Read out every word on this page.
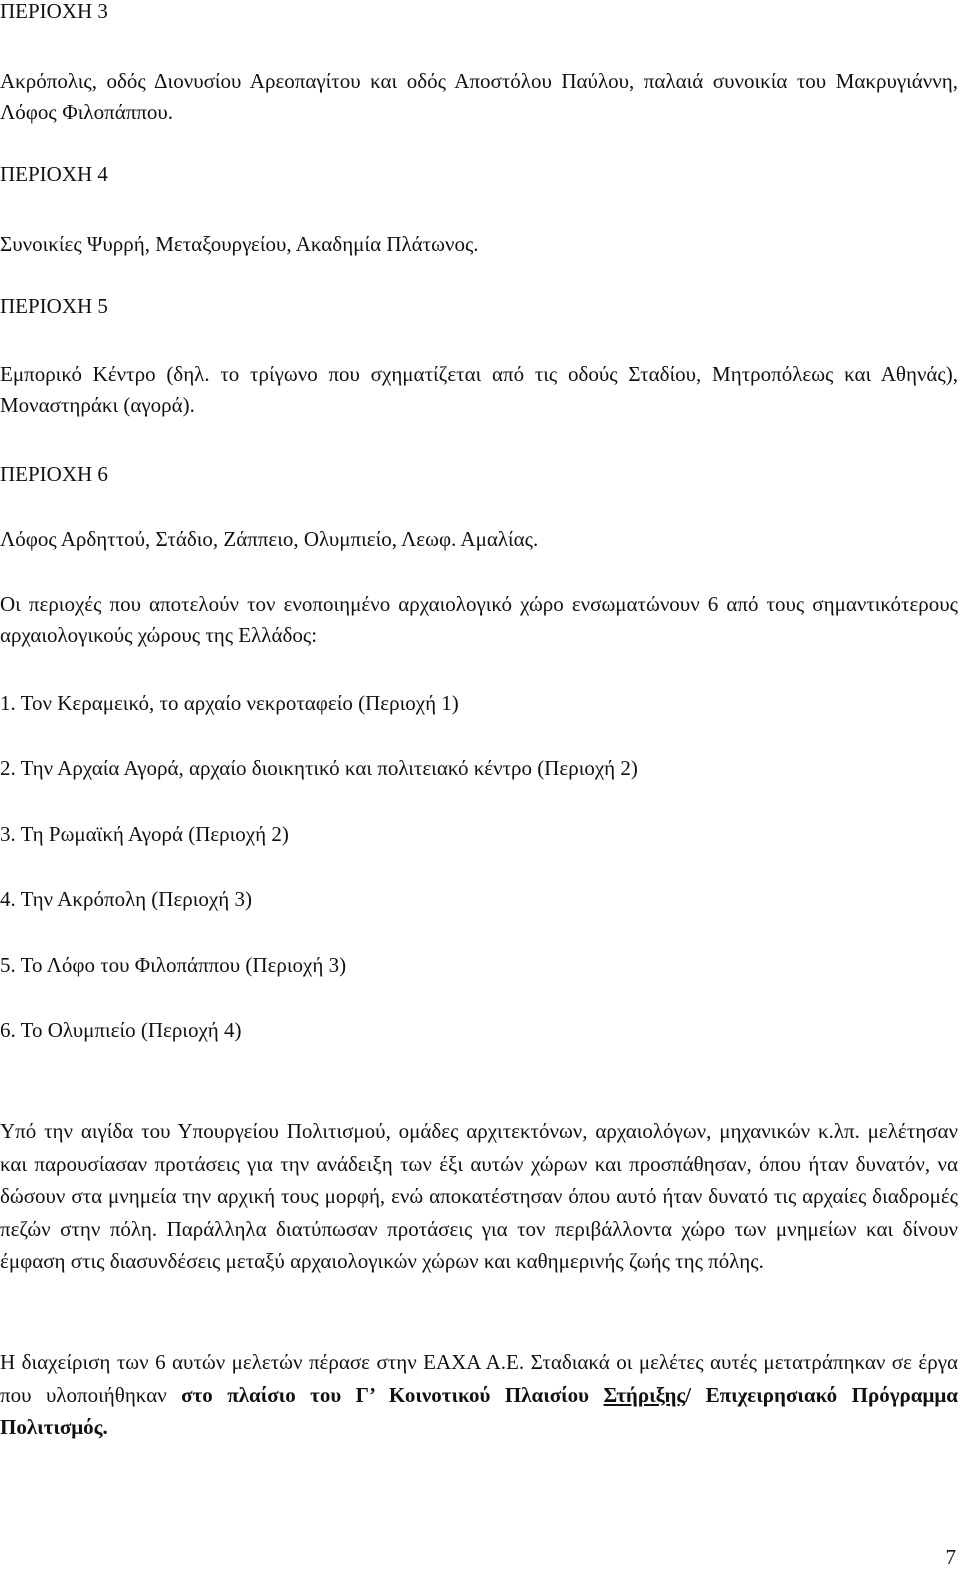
ΠΕΡΙΟΧΗ 3

Ακρόπολις, οδός Διονυσίου Αρεοπαγίτου και οδός Αποστόλου Παύλου, παλαιά συνοικία του Μακρυγιάννη, Λόφος Φιλοπάππου.

ΠΕΡΙΟΧΗ 4

Συνοικίες Ψυρρή, Μεταξουργείου, Ακαδημία Πλάτωνος.

ΠΕΡΙΟΧΗ 5

Εμπορικό Κέντρο (δηλ. το τρίγωνο που σχηματίζεται από τις οδούς Σταδίου, Μητροπόλεως και Αθηνάς), Μοναστηράκι (αγορά).

ΠΕΡΙΟΧΗ 6

Λόφος Αρδηττού, Στάδιο, Ζάππειο, Ολυμπιείο, Λεωφ. Αμαλίας.

Οι περιοχές που αποτελούν τον ενοποιημένο αρχαιολογικό χώρο ενσωματώνουν 6 από τους σημαντικότερους αρχαιολογικούς χώρους της Ελλάδος:

1. Τον Κεραμεικό, το αρχαίο νεκροταφείο (Περιοχή 1)

2. Την Αρχαία Αγορά, αρχαίο διοικητικό και πολιτειακό κέντρο (Περιοχή 2)

3. Τη Ρωμαϊκή Αγορά (Περιοχή 2)

4. Την Ακρόπολη (Περιοχή 3)

5. Το Λόφο του Φιλοπάππου (Περιοχή 3)

6. Το Ολυμπιείο (Περιοχή 4)

Υπό την αιγίδα του Υπουργείου Πολιτισμού, ομάδες αρχιτεκτόνων, αρχαιολόγων, μηχανικών κ.λπ. μελέτησαν και παρουσίασαν προτάσεις για την ανάδειξη των έξι αυτών χώρων και προσπάθησαν, όπου ήταν δυνατόν, να δώσουν στα μνημεία την αρχική τους μορφή, ενώ αποκατέστησαν όπου αυτό ήταν δυνατό τις αρχαίες διαδρομές πεζών στην πόλη. Παράλληλα διατύπωσαν προτάσεις για τον περιβάλλοντα χώρο των μνημείων και δίνουν έμφαση στις διασυνδέσεις μεταξύ αρχαιολογικών χώρων και καθημερινής ζωής της πόλης.

Η διαχείριση των 6 αυτών μελετών πέρασε στην ΕΑΧΑ Α.Ε. Σταδιακά οι μελέτες αυτές μετατράπηκαν σε έργα που υλοποιήθηκαν στο πλαίσιο του Γ’ Κοινοτικού Πλαισίου Στήριξης/ Επιχειρησιακό Πρόγραμμα Πολιτισμός.

7
